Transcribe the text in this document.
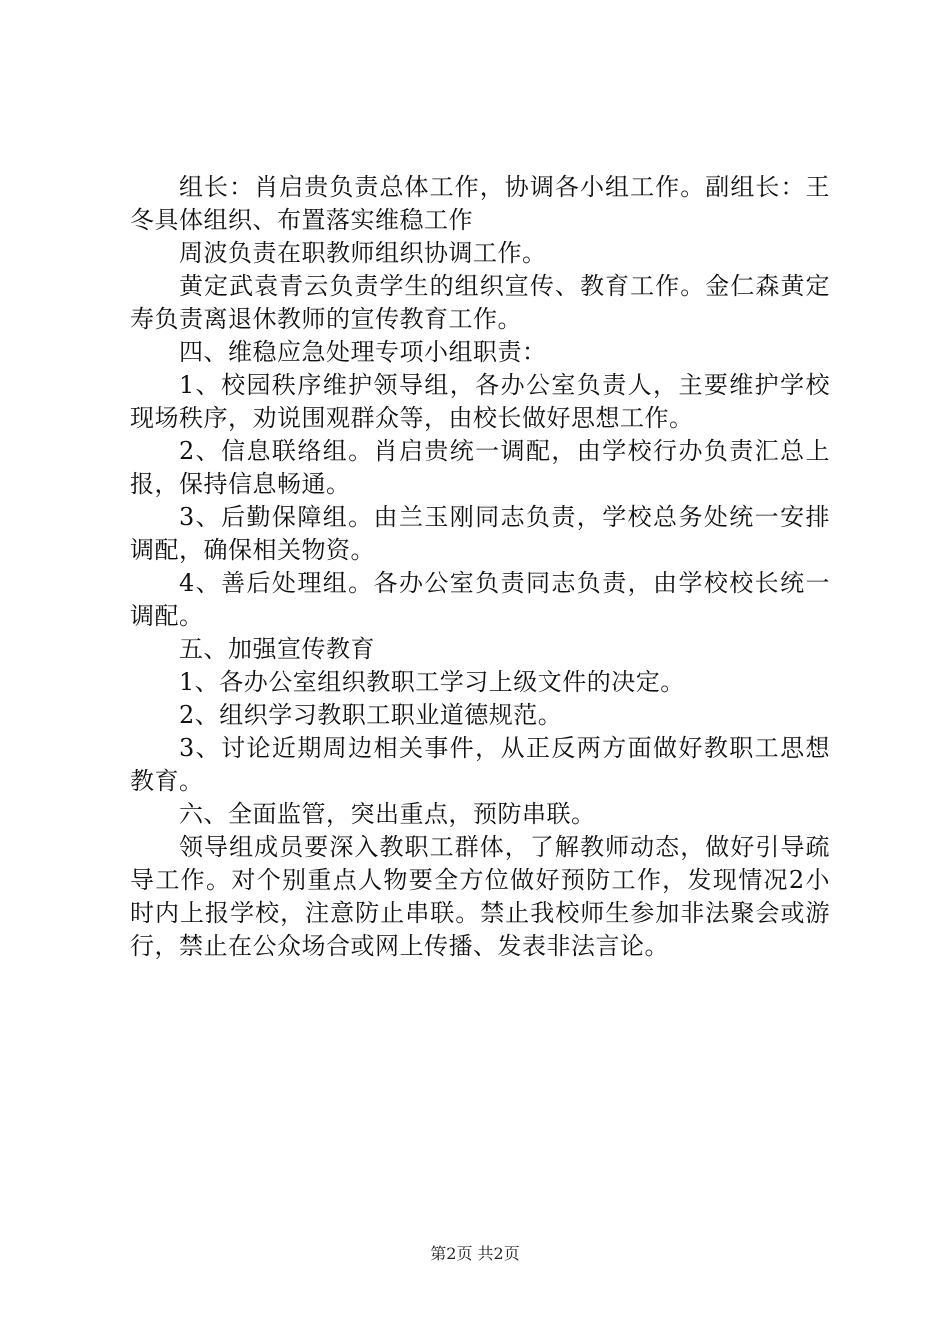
组长：肖启贵负责总体工作，协调各小组工作。副组长：王冬具体组织、布置落实维稳工作

周波负责在职教师组织协调工作。

黄定武袁青云负责学生的组织宣传、教育工作。金仁森黄定寿负责离退休教师的宣传教育工作。

四、维稳应急处理专项小组职责：

1、校园秩序维护领导组，各办公室负责人，主要维护学校现场秩序，劝说围观群众等，由校长做好思想工作。

2、信息联络组。肖启贵统一调配，由学校行办负责汇总上报，保持信息畅通。

3、后勤保障组。由兰玉刚同志负责，学校总务处统一安排调配，确保相关物资。

4、善后处理组。各办公室负责同志负责，由学校校长统一调配。

五、加强宣传教育

1、各办公室组织教职工学习上级文件的决定。

2、组织学习教职工职业道德规范。

3、讨论近期周边相关事件，从正反两方面做好教职工思想教育。

六、全面监管，突出重点，预防串联。

领导组成员要深入教职工群体，了解教师动态，做好引导疏导工作。对个别重点人物要全方位做好预防工作，发现情况2小时内上报学校，注意防止串联。禁止我校师生参加非法聚会或游行，禁止在公众场合或网上传播、发表非法言论。

第2页 共2页
